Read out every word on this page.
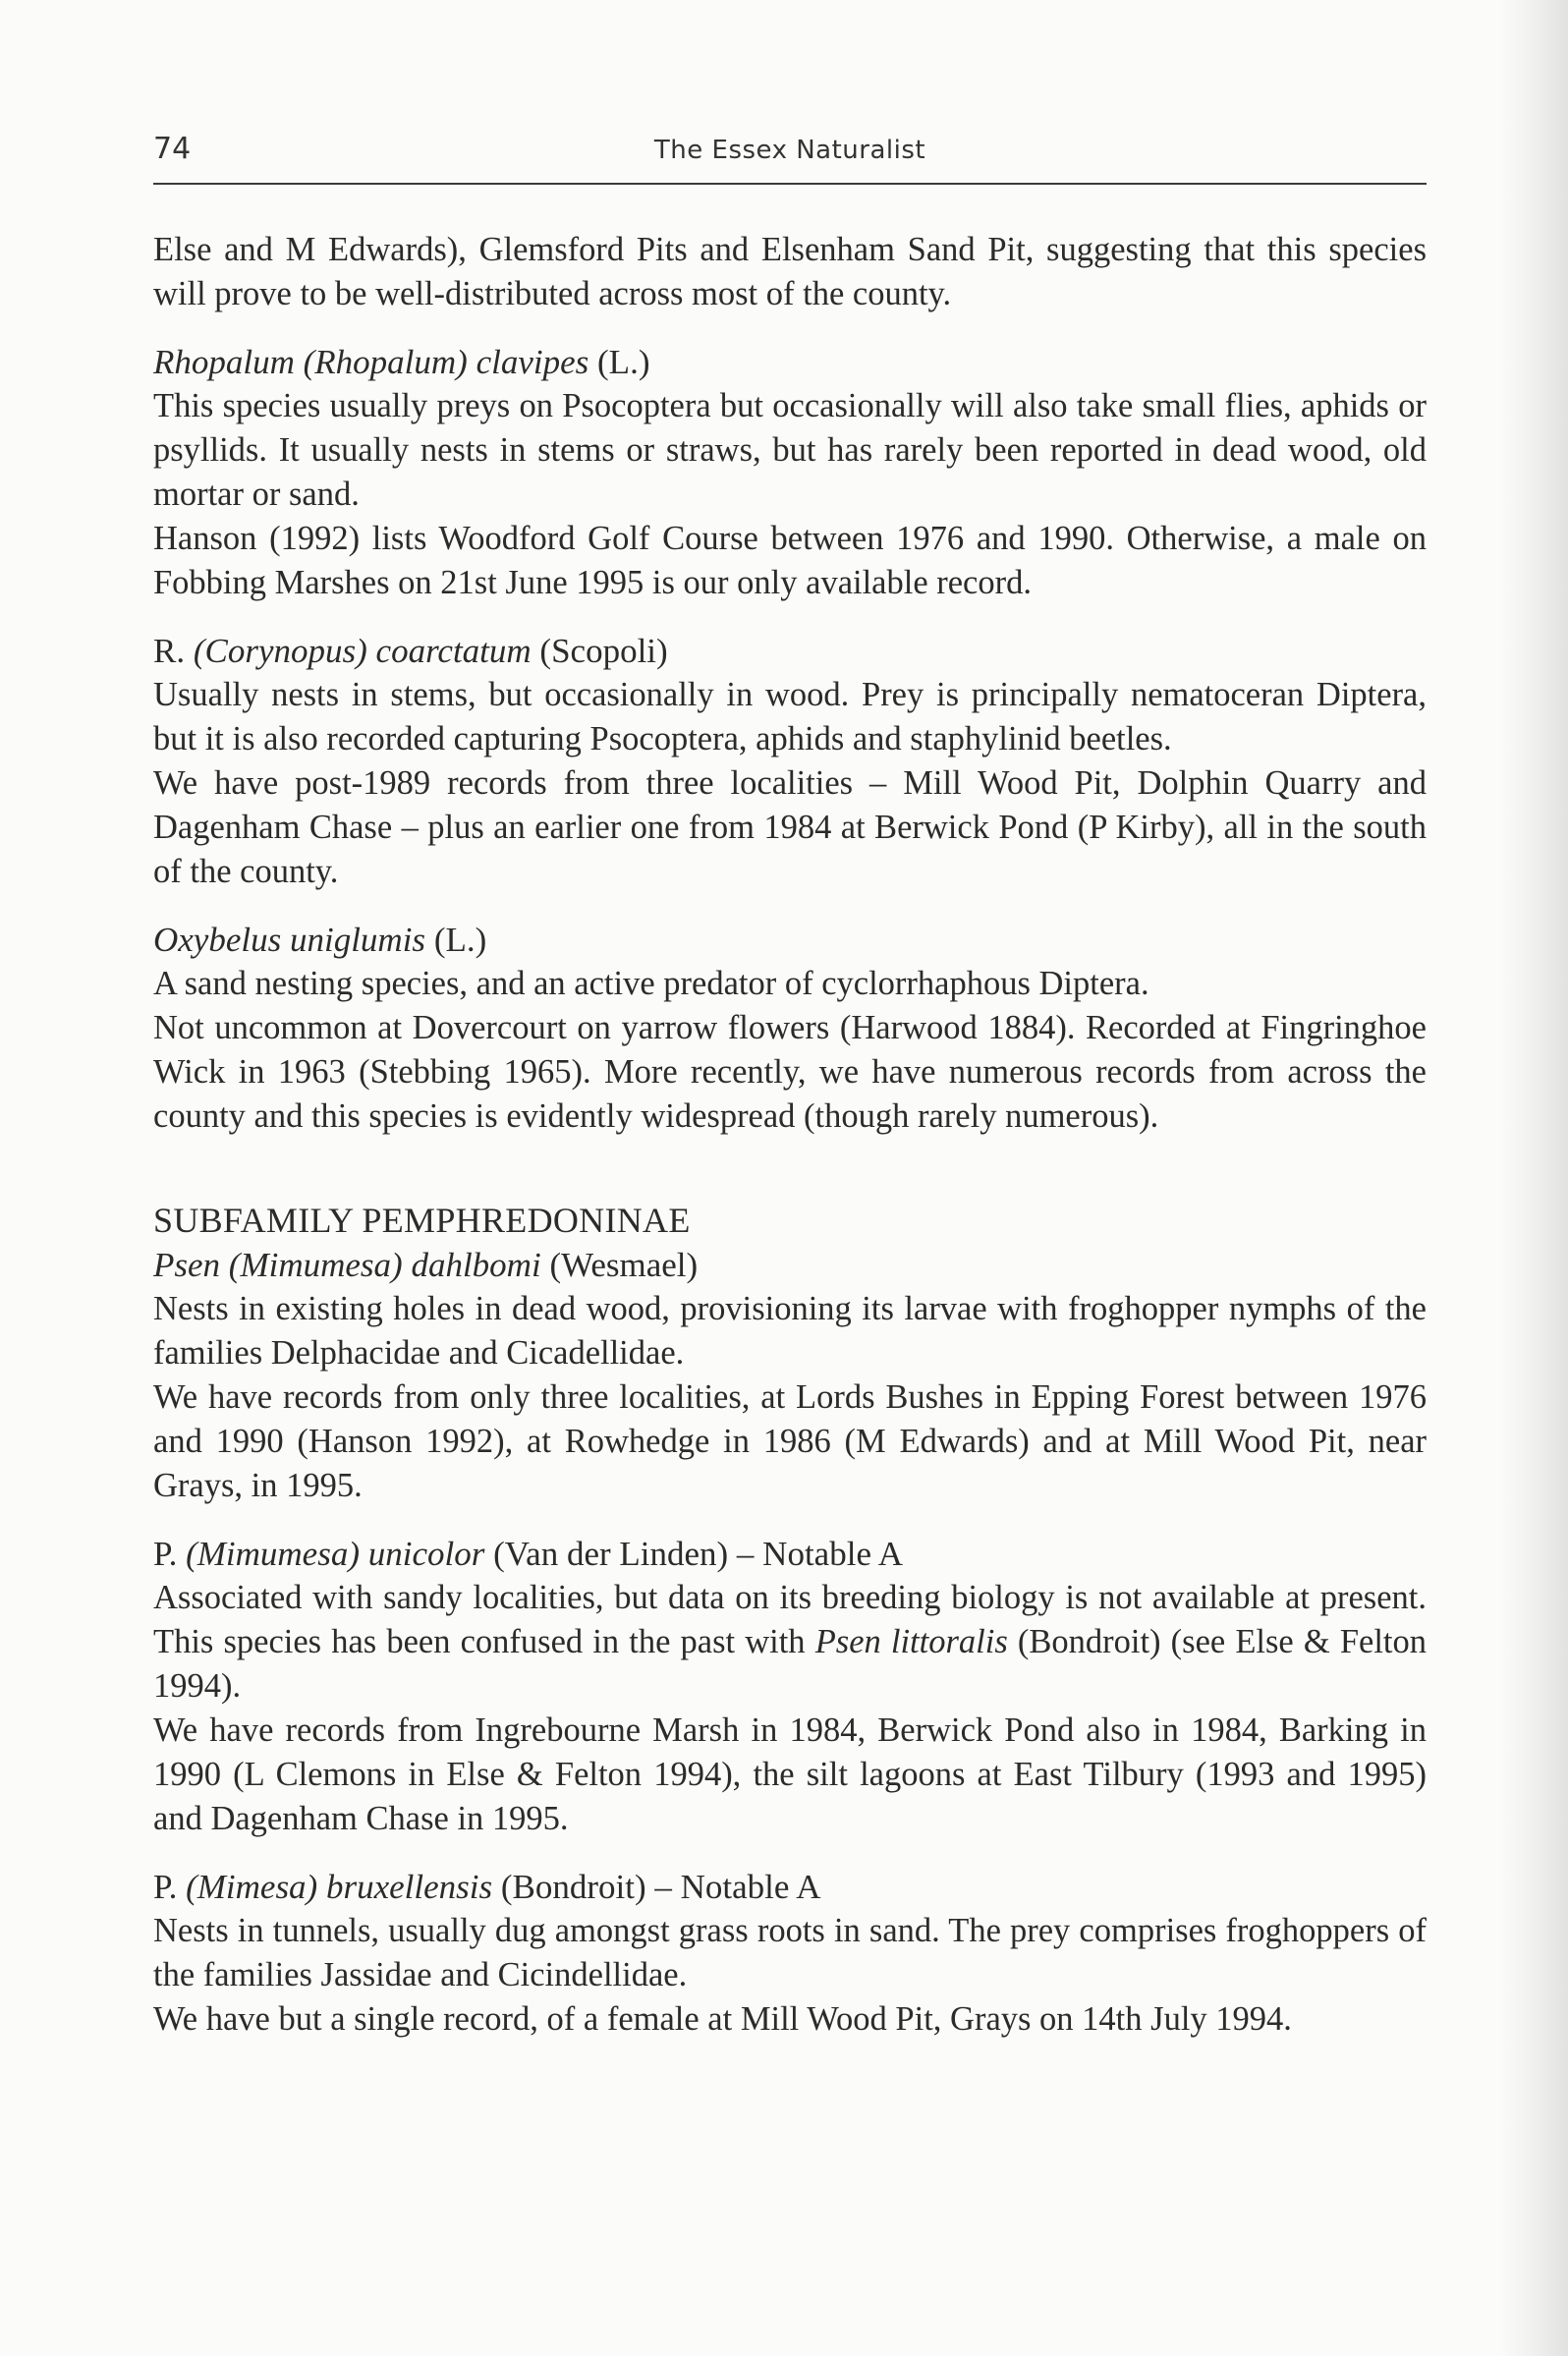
74	The Essex Naturalist

Else and M Edwards), Glemsford Pits and Elsenham Sand Pit, suggesting that this species will prove to be well-distributed across most of the county.

Rhopalum (Rhopalum) clavipes (L.)

This species usually preys on Psocoptera but occasionally will also take small flies, aphids or psyllids. It usually nests in stems or straws, but has rarely been reported in dead wood, old mortar or sand.

Hanson (1992) lists Woodford Golf Course between 1976 and 1990. Otherwise, a male on Fobbing Marshes on 21st June 1995 is our only available record.

R. (Corynopus) coarctatum (Scopoli)

Usually nests in stems, but occasionally in wood. Prey is principally nematoceran Diptera, but it is also recorded capturing Psocoptera, aphids and staphylinid beetles.

We have post-1989 records from three localities – Mill Wood Pit, Dolphin Quarry and Dagenham Chase – plus an earlier one from 1984 at Berwick Pond (P Kirby), all in the south of the county.

Oxybelus uniglumis (L.)

A sand nesting species, and an active predator of cyclorrhaphous Diptera.

Not uncommon at Dovercourt on yarrow flowers (Harwood 1884). Recorded at Fingringhoe Wick in 1963 (Stebbing 1965). More recently, we have numerous records from across the county and this species is evidently widespread (though rarely numerous).

SUBFAMILY PEMPHREDONINAE
Psen (Mimumesa) dahlbomi (Wesmael)

Nests in existing holes in dead wood, provisioning its larvae with froghopper nymphs of the families Delphacidae and Cicadellidae.

We have records from only three localities, at Lords Bushes in Epping Forest between 1976 and 1990 (Hanson 1992), at Rowhedge in 1986 (M Edwards) and at Mill Wood Pit, near Grays, in 1995.

P. (Mimumesa) unicolor (Van der Linden) – Notable A

Associated with sandy localities, but data on its breeding biology is not available at present. This species has been confused in the past with Psen littoralis (Bondroit) (see Else & Felton 1994).

We have records from Ingrebourne Marsh in 1984, Berwick Pond also in 1984, Barking in 1990 (L Clemons in Else & Felton 1994), the silt lagoons at East Tilbury (1993 and 1995) and Dagenham Chase in 1995.

P. (Mimesa) bruxellensis (Bondroit) – Notable A

Nests in tunnels, usually dug amongst grass roots in sand. The prey comprises froghoppers of the families Jassidae and Cicindellidae.

We have but a single record, of a female at Mill Wood Pit, Grays on 14th July 1994.
